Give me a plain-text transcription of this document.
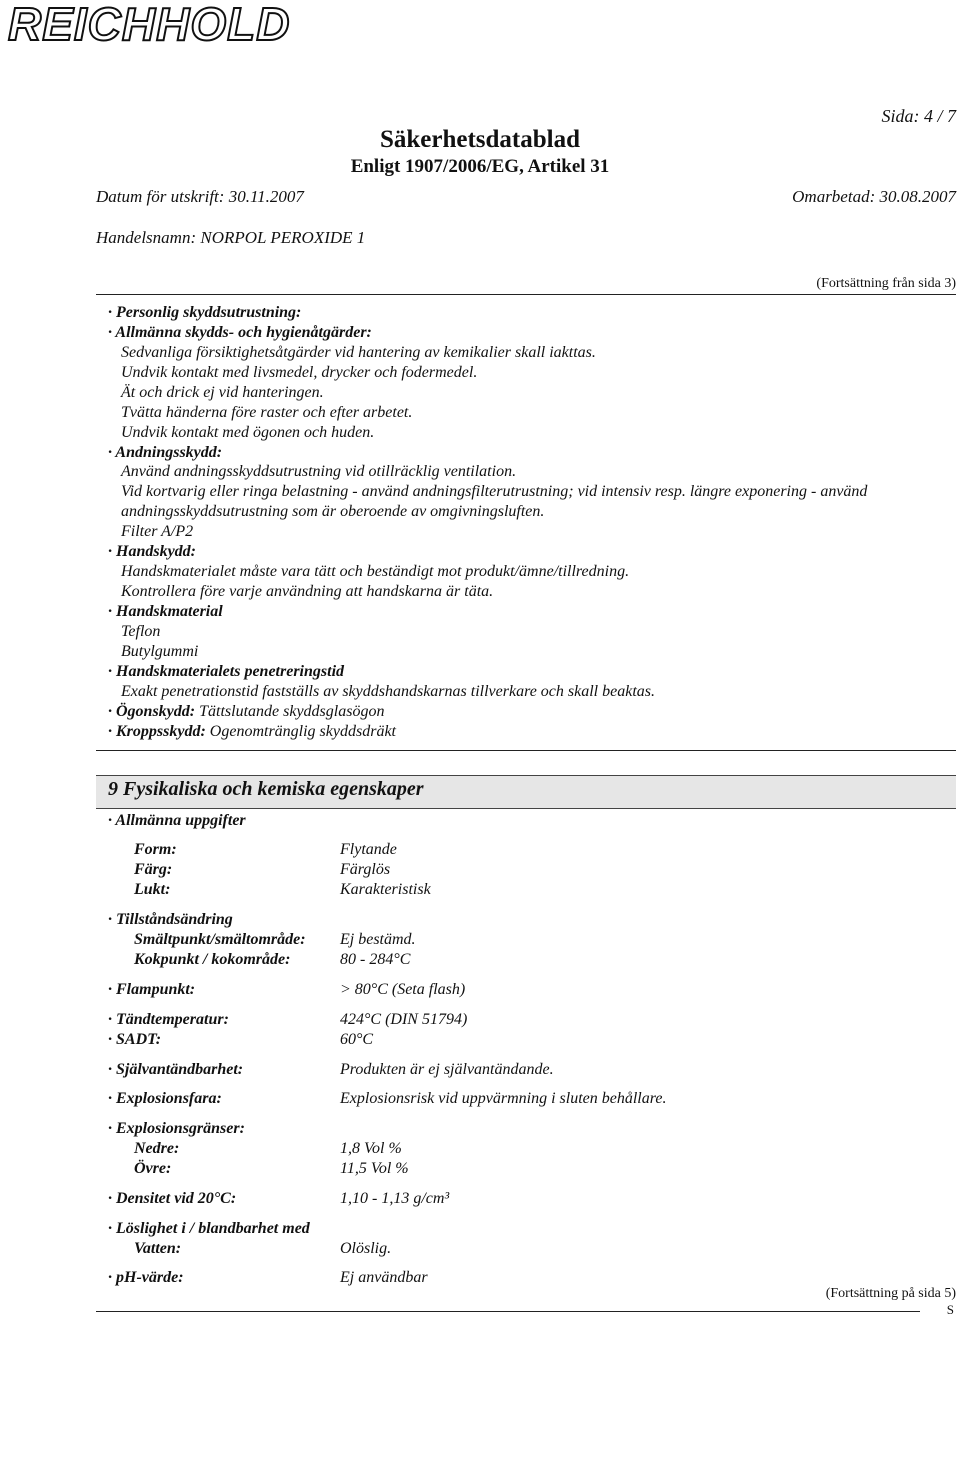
REICHHOLD
Sida: 4 / 7
Säkerhetsdatablad
Enligt 1907/2006/EG, Artikel 31
Datum för utskrift: 30.11.2007	Omarbetad: 30.08.2007
Handelsnamn: NORPOL PEROXIDE 1
(Fortsättning från sida 3)
· Personlig skyddsutrustning:
· Allmänna skydds- och hygienåtgärder:
Sedvanliga försiktighetsåtgärder vid hantering av kemikalier skall iakttas.
Undvik kontakt med livsmedel, drycker och fodermedel.
Ät och drick ej vid hanteringen.
Tvätta händerna före raster och efter arbetet.
Undvik kontakt med ögonen och huden.
· Andningsskydd:
Använd andningsskyddsutrustning vid otillräcklig ventilation.
Vid kortvarig eller ringa belastning - använd andningsfilterutrustning; vid intensiv resp. längre exponering - använd
andningsskyddsutrustning som är oberoende av omgivningsluften.
Filter A/P2
· Handskydd:
Handskmaterialet måste vara tätt och beständigt mot produkt/ämne/tillredning.
Kontrollera före varje användning att handskarna är täta.
· Handskmaterial
Teflon
Butylgummi
· Handskmaterialets penetreringstid
Exakt penetrationstid fastställs av skyddshandskarnas tillverkare och skall beaktas.
· Ögonskydd: Tättslutande skyddsglasögon
· Kroppsskydd: Ogenomtränglig skyddsdräkt
9 Fysikaliska och kemiska egenskaper
· Allmänna uppgifter
Form:	Flytande
Färg:	Färglös
Lukt:	Karakteristisk
· Tillståndsändring
Smältpunkt/smältområde: Ej bestämd.
Kokpunkt / kokområde:	80 - 284°C
· Flampunkt:	> 80°C (Seta flash)
· Tändtemperatur:	424°C (DIN 51794)
· SADT:	60°C
· Självantändbarhet:	Produkten är ej självantändande.
· Explosionsfara:	Explosionsrisk vid uppvärmning i sluten behållare.
· Explosionsgränser:
Nedre:	1,8 Vol %
Övre:	11,5 Vol %
· Densitet vid 20°C:	1,10 - 1,13 g/cm³
· Löslighet i / blandbarhet med
Vatten:	Olöslig.
· pH-värde:	Ej användbar
(Fortsättning på sida 5)
S
